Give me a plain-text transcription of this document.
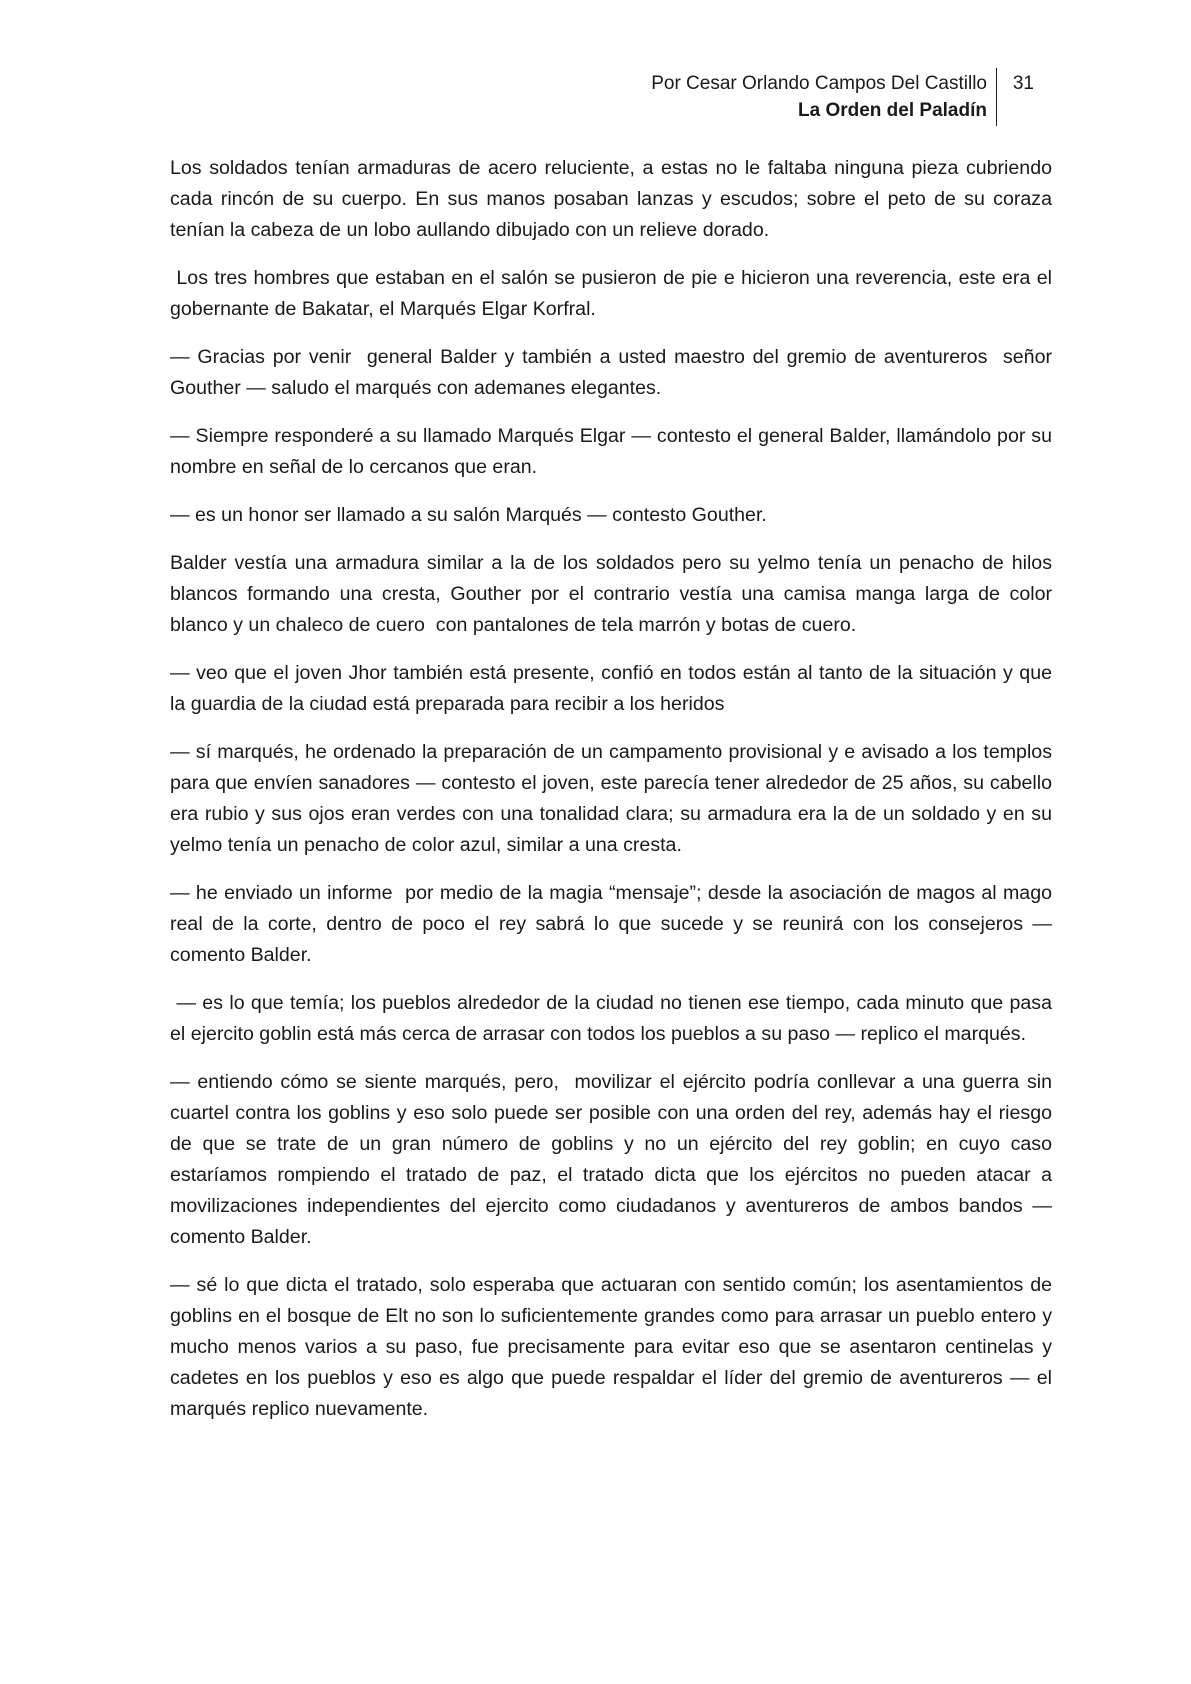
Por Cesar Orlando Campos Del Castillo
La Orden del Paladín
31

Los soldados tenían armaduras de acero reluciente, a estas no le faltaba ninguna pieza cubriendo cada rincón de su cuerpo. En sus manos posaban lanzas y escudos; sobre el peto de su coraza tenían la cabeza de un lobo aullando dibujado con un relieve dorado.

Los tres hombres que estaban en el salón se pusieron de pie e hicieron una reverencia, este era el gobernante de Bakatar, el Marqués Elgar Korfral.

— Gracias por venir  general Balder y también a usted maestro del gremio de aventureros  señor Gouther — saludo el marqués con ademanes elegantes.

— Siempre responderé a su llamado Marqués Elgar — contesto el general Balder, llamándolo por su nombre en señal de lo cercanos que eran.

— es un honor ser llamado a su salón Marqués — contesto Gouther.

Balder vestía una armadura similar a la de los soldados pero su yelmo tenía un penacho de hilos blancos formando una cresta, Gouther por el contrario vestía una camisa manga larga de color blanco y un chaleco de cuero  con pantalones de tela marrón y botas de cuero.

— veo que el joven Jhor también está presente, confió en todos están al tanto de la situación y que la guardia de la ciudad está preparada para recibir a los heridos

— sí marqués, he ordenado la preparación de un campamento provisional y e avisado a los templos para que envíen sanadores — contesto el joven, este parecía tener alrededor de 25 años, su cabello era rubio y sus ojos eran verdes con una tonalidad clara; su armadura era la de un soldado y en su yelmo tenía un penacho de color azul, similar a una cresta.

— he enviado un informe  por medio de la magia “mensaje”; desde la asociación de magos al mago real de la corte, dentro de poco el rey sabrá lo que sucede y se reunirá con los consejeros — comento Balder.

— es lo que temía; los pueblos alrededor de la ciudad no tienen ese tiempo, cada minuto que pasa el ejercito goblin está más cerca de arrasar con todos los pueblos a su paso — replico el marqués.

— entiendo cómo se siente marqués, pero,  movilizar el ejército podría conllevar a una guerra sin cuartel contra los goblins y eso solo puede ser posible con una orden del rey, además hay el riesgo de que se trate de un gran número de goblins y no un ejército del rey goblin; en cuyo caso estaríamos rompiendo el tratado de paz, el tratado dicta que los ejércitos no pueden atacar a movilizaciones independientes del ejercito como ciudadanos y aventureros de ambos bandos — comento Balder.

— sé lo que dicta el tratado, solo esperaba que actuaran con sentido común; los asentamientos de goblins en el bosque de Elt no son lo suficientemente grandes como para arrasar un pueblo entero y mucho menos varios a su paso, fue precisamente para evitar eso que se asentaron centinelas y cadetes en los pueblos y eso es algo que puede respaldar el líder del gremio de aventureros — el marqués replico nuevamente.
